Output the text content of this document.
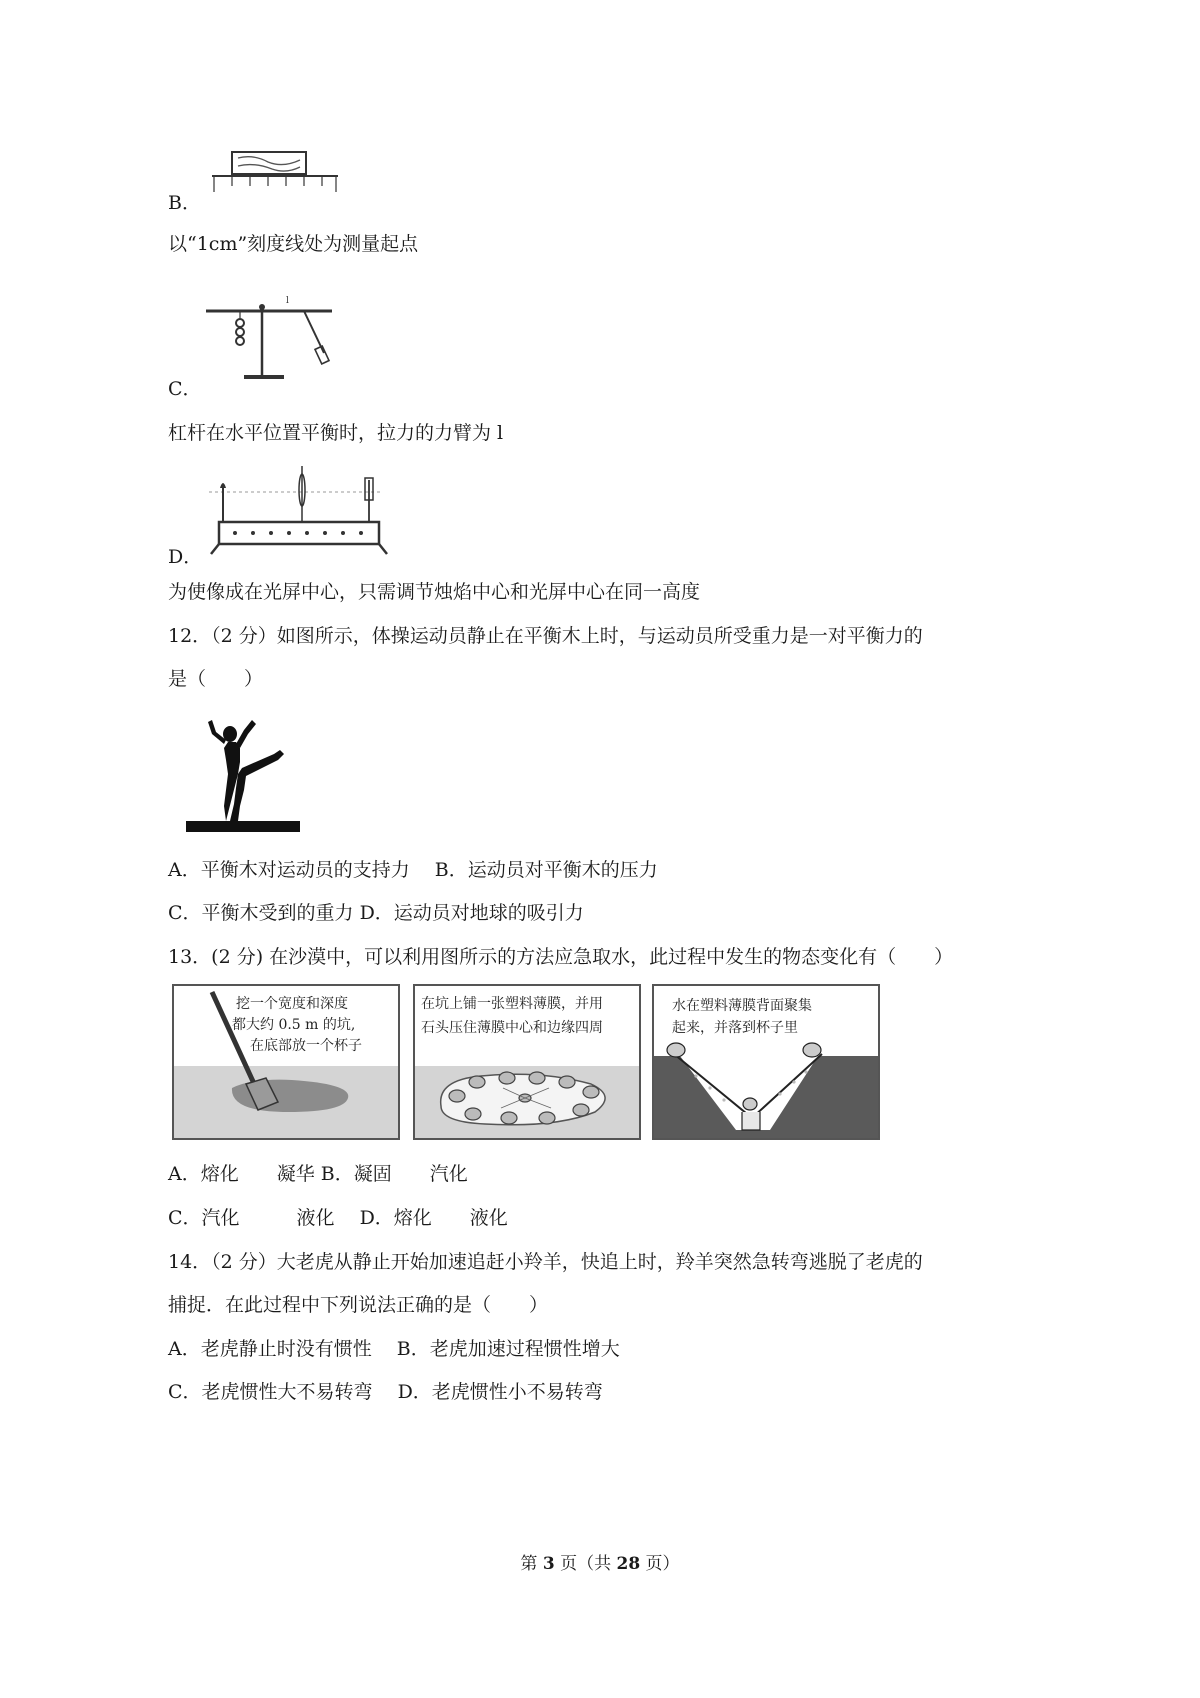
B．
以“1cm”刻度线处为测量起点
l
C．
杠杆在水平位置平衡时，拉力的力臂为 l
D．
为使像成在光屏中心，只需调节烛焰中心和光屏中心在同一高度
12．（2 分）如图所示，体操运动员静止在平衡木上时，与运动员所受重力是一对平衡力的
是（　　）
A．平衡木对运动员的支持力　 B．运动员对平衡木的压力
C．平衡木受到的重力 D．运动员对地球的吸引力
13．(2 分) 在沙漠中，可以利用图所示的方法应急取水，此过程中发生的物态变化有（　　）
挖一个宽度和深度
都大约 0.5 m 的坑,
在底部放一个杯子
在坑上铺一张塑料薄膜，并用
石头压住薄膜中心和边缘四周
水在塑料薄膜背面聚集
起来，并落到杯子里
A．熔化　　凝华 B．凝固　　汽化
C．汽化　　　液化　 D．熔化　　液化
14．（2 分）大老虎从静止开始加速追赶小羚羊，快追上时，羚羊突然急转弯逃脱了老虎的
捕捉．在此过程中下列说法正确的是（　　）
A．老虎静止时没有惯性　 B．老虎加速过程惯性增大
C．老虎惯性大不易转弯　 D．老虎惯性小不易转弯
第 3 页（共 28 页）
